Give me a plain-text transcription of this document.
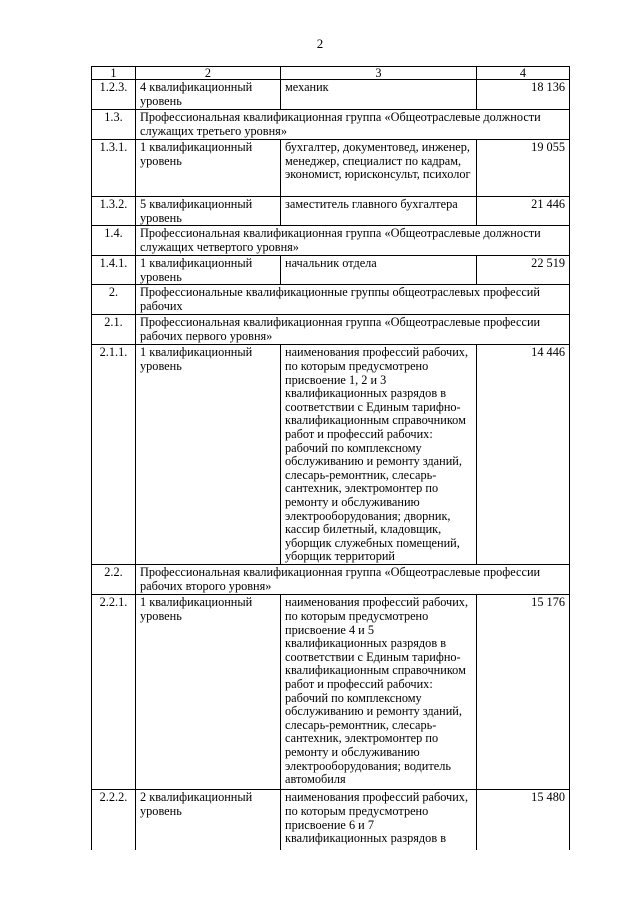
2
1	2	3	4
1.2.3.	4 квалификационный уровень	механик	18 136
1.3.	Профессиональная квалификационная группа «Общеотраслевые должности служащих третьего уровня»		
1.3.1.	1 квалификационный уровень	бухгалтер, документовед, инженер, менеджер, специалист по кадрам, экономист, юрисконсульт, психолог	19 055
1.3.2.	5 квалификационный уровень	заместитель главного бухгалтера	21 446
1.4.	Профессиональная квалификационная группа «Общеотраслевые должности служащих четвертого уровня»		
1.4.1.	1 квалификационный уровень	начальник отдела	22 519
2.	Профессиональные квалификационные группы общеотраслевых профессий рабочих		
2.1.	Профессиональная квалификационная группа «Общеотраслевые профессии рабочих первого уровня»		
2.1.1.	1 квалификационный уровень	наименования профессий рабочих, по которым предусмотрено присвоение 1, 2 и 3 квалификационных разрядов в соответствии с Единым тарифно-квалификационным справочником работ и профессий рабочих: рабочий по комплексному обслуживанию и ремонту зданий, слесарь-ремонтник, слесарь-сантехник, электромонтер по ремонту и обслуживанию электрооборудования; дворник, кассир билетный, кладовщик, уборщик служебных помещений, уборщик территорий	14 446
2.2.	Профессиональная квалификационная группа «Общеотраслевые профессии рабочих второго уровня»		
2.2.1.	1 квалификационный уровень	наименования профессий рабочих, по которым предусмотрено присвоение 4 и 5 квалификационных разрядов в соответствии с Единым тарифно-квалификационным справочником работ и профессий рабочих: рабочий по комплексному обслуживанию и ремонту зданий, слесарь-ремонтник, слесарь-сантехник, электромонтер по ремонту и обслуживанию электрооборудования; водитель автомобиля	15 176
2.2.2.	2 квалификационный уровень	наименования профессий рабочих, по которым предусмотрено присвоение 6 и 7 квалификационных разрядов в	15 480
